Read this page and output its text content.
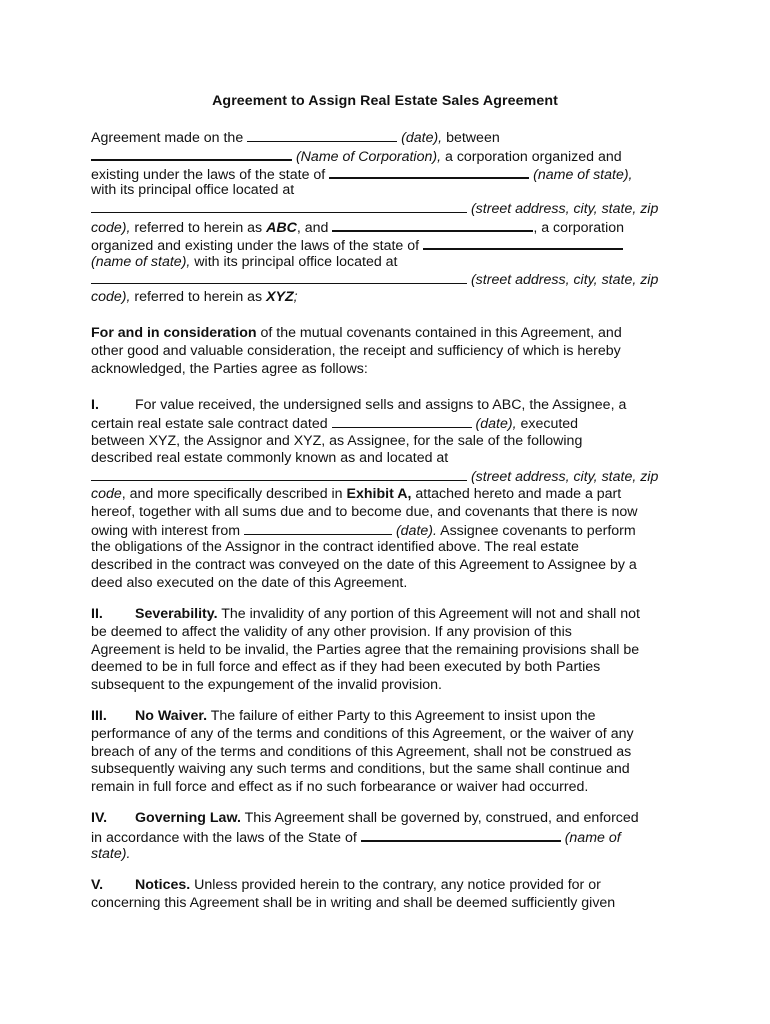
Agreement to Assign Real Estate Sales Agreement
Agreement made on the	(date), between
(Name of Corporation), a corporation organized and
existing under the laws of the state of	(name of state),
with its principal office located at
(street address, city, state, zip
code), referred to herein as ABC, and	, a corporation
organized and existing under the laws of the state of
(name of state), with its principal office located at
(street address, city, state, zip
code), referred to herein as XYZ;
For and in consideration of the mutual covenants contained in this Agreement, and
other good and valuable consideration, the receipt and sufficiency of which is hereby
acknowledged, the Parties agree as follows:
I.	For value received, the undersigned sells and assigns to ABC, the Assignee, a
certain real estate sale contract dated	(date), executed
between XYZ, the Assignor and XYZ, as Assignee, for the sale of the following
described real estate commonly known as and located at
(street address, city, state, zip
code, and more specifically described in Exhibit A, attached hereto and made a part
hereof, together with all sums due and to become due, and covenants that there is now
owing with interest from	(date). Assignee covenants to perform
the obligations of the Assignor in the contract identified above. The real estate
described in the contract was conveyed on the date of this Agreement to Assignee by a
deed also executed on the date of this Agreement.
II. Severability. The invalidity of any portion of this Agreement will not and shall not
be deemed to affect the validity of any other provision. If any provision of this
Agreement is held to be invalid, the Parties agree that the remaining provisions shall be
deemed to be in full force and effect as if they had been executed by both Parties
subsequent to the expungement of the invalid provision.
III. No Waiver. The failure of either Party to this Agreement to insist upon the
performance of any of the terms and conditions of this Agreement, or the waiver of any
breach of any of the terms and conditions of this Agreement, shall not be construed as
subsequently waiving any such terms and conditions, but the same shall continue and
remain in full force and effect as if no such forbearance or waiver had occurred.
IV. Governing Law. This Agreement shall be governed by, construed, and enforced
in accordance with the laws of the State of	(name of
state).
V. Notices. Unless provided herein to the contrary, any notice provided for or
concerning this Agreement shall be in writing and shall be deemed sufficiently given
